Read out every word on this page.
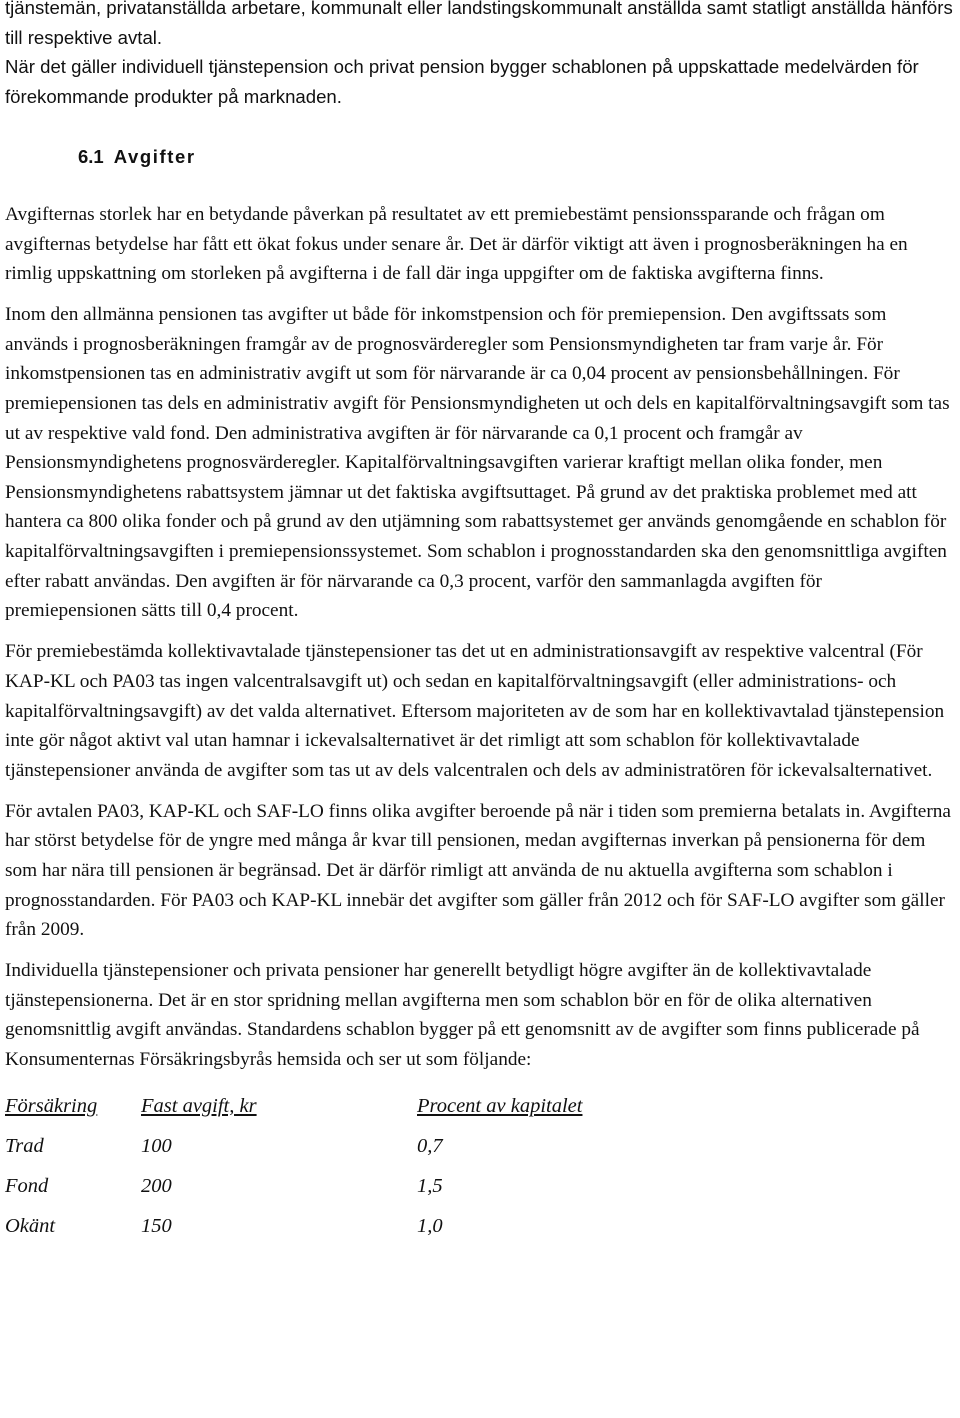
tjänstemän, privatanställda arbetare, kommunalt eller landstingskommunalt anställda samt statligt anställda hänförs till respektive avtal.

När det gäller individuell tjänstepension och privat pension bygger schablonen på uppskattade medelvärden för förekommande produkter på marknaden.

6.1 Avgifter

Avgifternas storlek har en betydande påverkan på resultatet av ett premiebestämt pensionssparande och frågan om avgifternas betydelse har fått ett ökat fokus under senare år. Det är därför viktigt att även i prognosberäkningen ha en rimlig uppskattning om storleken på avgifterna i de fall där inga uppgifter om de faktiska avgifterna finns.

Inom den allmänna pensionen tas avgifter ut både för inkomstpension och för premiepension. Den avgiftssats som används i prognosberäkningen framgår av de prognosvärderegler som Pensionsmyndigheten tar fram varje år. För inkomstpensionen tas en administrativ avgift ut som för närvarande är ca 0,04 procent av pensionsbehållningen. För premiepensionen tas dels en administrativ avgift för Pensionsmyndigheten ut och dels en kapitalförvaltningsavgift som tas ut av respektive vald fond. Den administrativa avgiften är för närvarande ca 0,1 procent och framgår av Pensionsmyndighetens prognosvärderegler. Kapitalförvaltningsavgiften varierar kraftigt mellan olika fonder, men Pensionsmyndighetens rabattsystem jämnar ut det faktiska avgiftsuttaget. På grund av det praktiska problemet med att hantera ca 800 olika fonder och på grund av den utjämning som rabattsystemet ger används genomgående en schablon för kapitalförvaltningsavgiften i premiepensionssystemet. Som schablon i prognosstandarden ska den genomsnittliga avgiften efter rabatt användas. Den avgiften är för närvarande ca 0,3 procent, varför den sammanlagda avgiften för premiepensionen sätts till 0,4 procent.

För premiebestämda kollektivavtalade tjänstepensioner tas det ut en administrationsavgift av respektive valcentral (För KAP-KL och PA03 tas ingen valcentralsavgift ut) och sedan en kapitalförvaltningsavgift (eller administrations- och kapitalförvaltningsavgift) av det valda alternativet. Eftersom majoriteten av de som har en kollektivavtalad tjänstepension inte gör något aktivt val utan hamnar i ickevalsalternativet är det rimligt att som schablon för kollektivavtalade tjänstepensioner använda de avgifter som tas ut av dels valcentralen och dels av administratören för ickevalsalternativet.

För avtalen PA03, KAP-KL och SAF-LO finns olika avgifter beroende på när i tiden som premierna betalats in. Avgifterna har störst betydelse för de yngre med många år kvar till pensionen, medan avgifternas inverkan på pensionerna för dem som har nära till pensionen är begränsad. Det är därför rimligt att använda de nu aktuella avgifterna som schablon i prognosstandarden. För PA03 och KAP-KL innebär det avgifter som gäller från 2012 och för SAF-LO avgifter som gäller från 2009.

Individuella tjänstepensioner och privata pensioner har generellt betydligt högre avgifter än de kollektivavtalade tjänstepensionerna. Det är en stor spridning mellan avgifterna men som schablon bör en för de olika alternativen genomsnittlig avgift användas. Standardens schablon bygger på ett genomsnitt av de avgifter som finns publicerade på Konsumenternas Försäkringsbyrås hemsida och ser ut som följande:

Försäkring	Fast avgift, kr	Procent av kapitalet
Trad	100	0,7
Fond	200	1,5
Okänt	150	1,0
